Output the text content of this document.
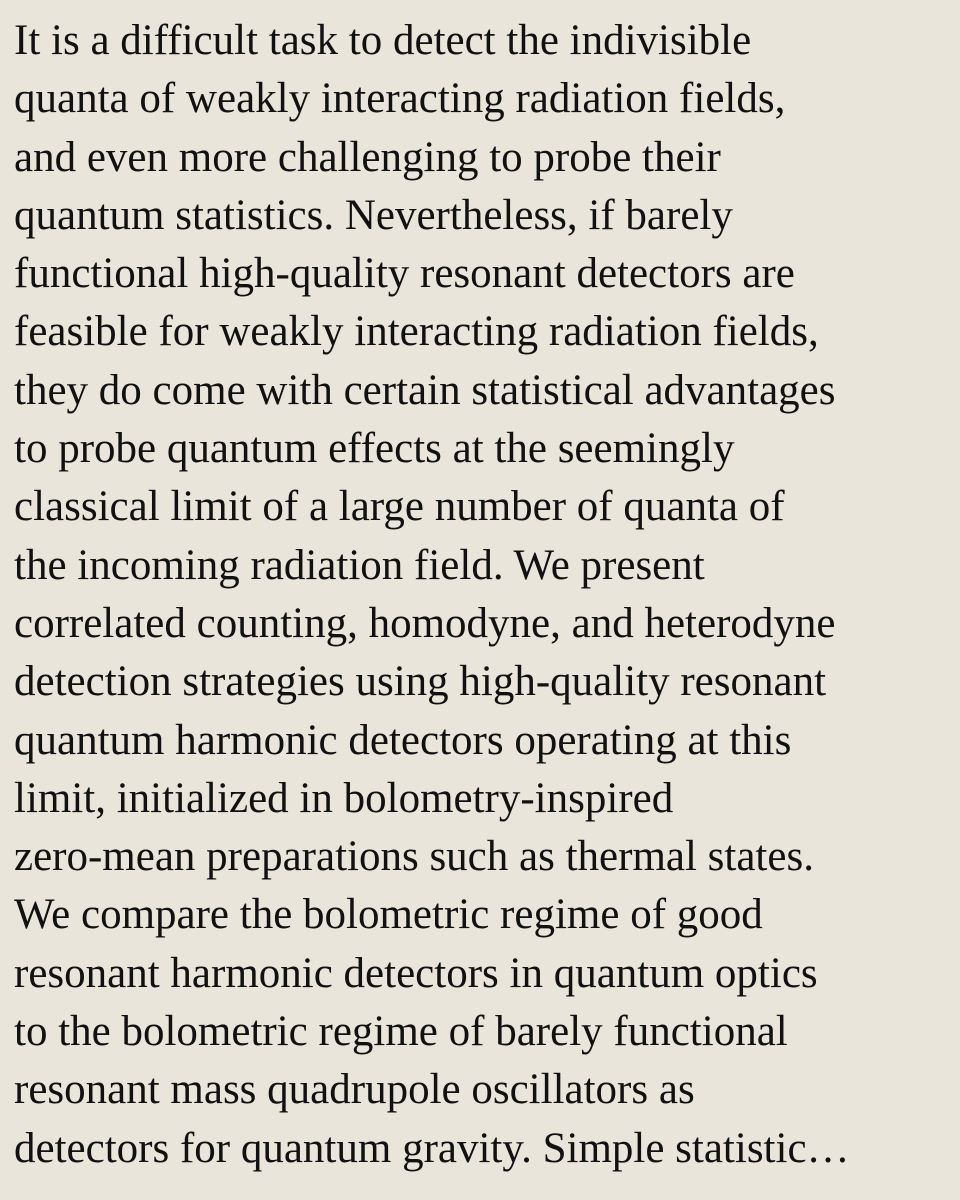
It is a difficult task to detect the indivisible
quanta of weakly interacting radiation fields,
and even more challenging to probe their
quantum statistics. Nevertheless, if barely
functional high-quality resonant detectors are
feasible for weakly interacting radiation fields,
they do come with certain statistical advantages
to probe quantum effects at the seemingly
classical limit of a large number of quanta of
the incoming radiation field. We present
correlated counting, homodyne, and heterodyne
detection strategies using high-quality resonant
quantum harmonic detectors operating at this
limit, initialized in bolometry-inspired
zero-mean preparations such as thermal states.
We compare the bolometric regime of good
resonant harmonic detectors in quantum optics
to the bolometric regime of barely functional
resonant mass quadrupole oscillators as
detectors for quantum gravity. Simple statistic…
